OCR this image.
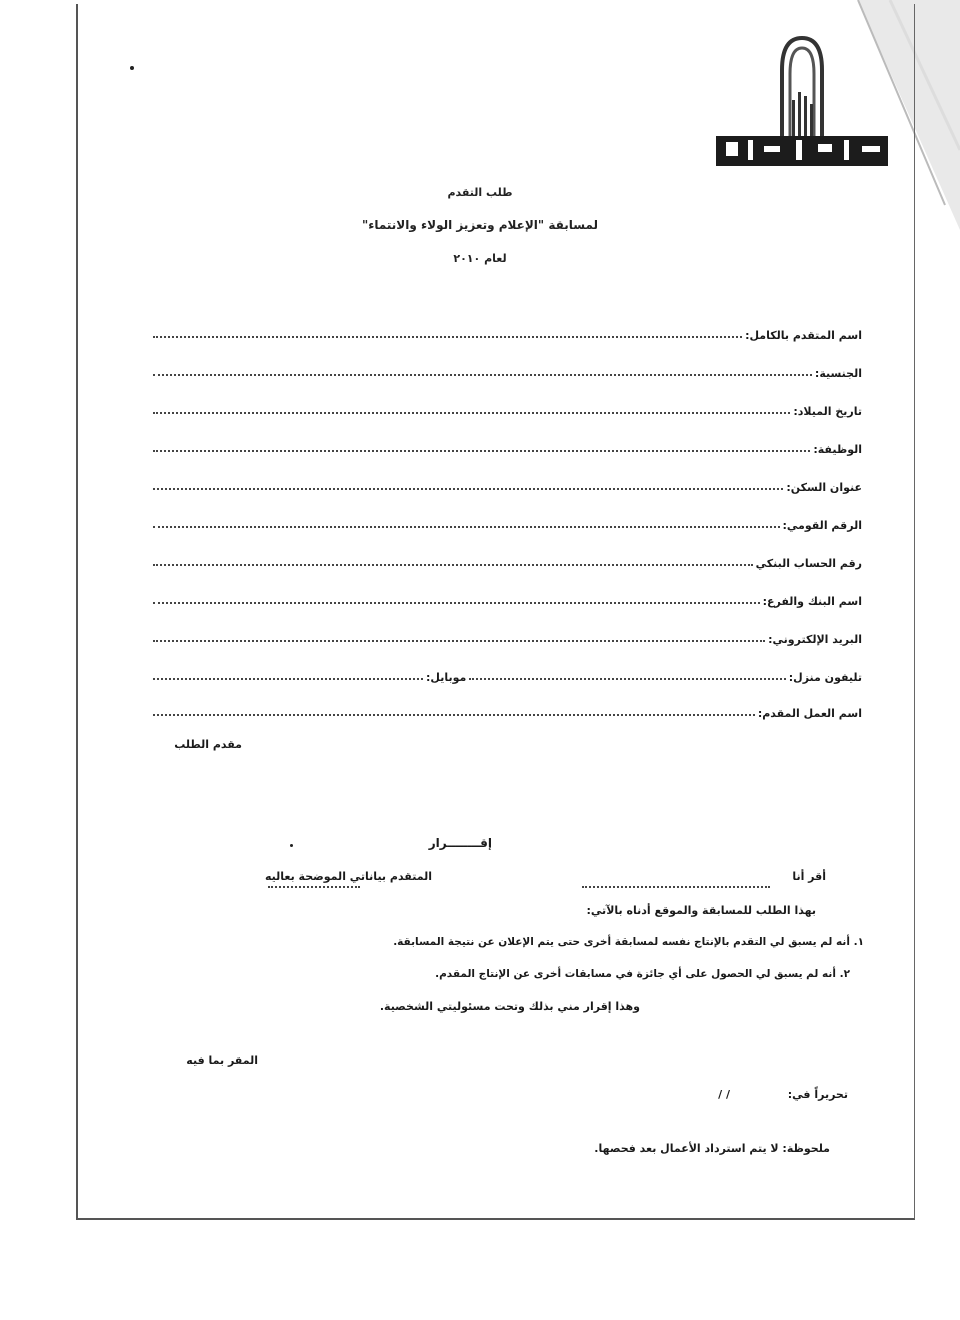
طلب التقدم
لمسابقة "الإعلام وتعزيز الولاء والانتماء"
لعام ٢٠١٠
اسم المتقدم بالكامل:
الجنسية:
تاريخ الميلاد:
الوظيفة:
عنوان السكن:
الرقم القومي:
رقم الحساب البنكي
اسم البنك والفرع:
البريد الإلكتروني:
تليفون منزل:
موبايل:
اسم العمل المقدم:
مقدم الطلب
إقــــــــرار
أقر أنا
المتقدم بياناتي الموضحة بعاليه
بهذا الطلب للمسابقة والموقع أدناه بالآتي:
١. أنه لم يسبق لي التقدم بالإنتاج نفسه لمسابقة أخرى حتى يتم الإعلان عن نتيجة المسابقة.
٢. أنه لم يسبق لي الحصول على أي جائزة في مسابقات أخرى عن الإنتاج المقدم.
وهذا إقرار مني بذلك وتحت مسئوليتي الشخصية.
المقر بما فيه
تحريراً في:
/ /
ملحوظة: لا يتم استرداد الأعمال بعد فحصها.
